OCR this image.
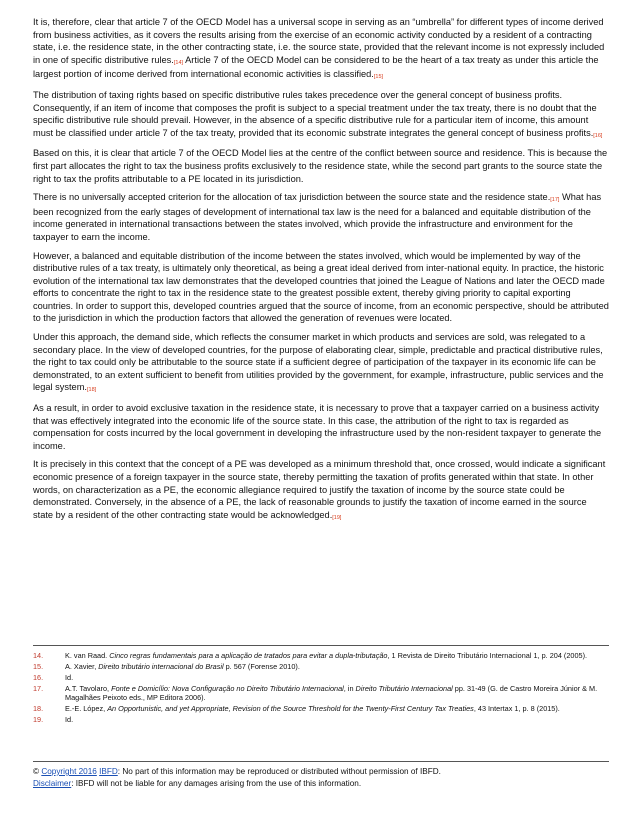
It is, therefore, clear that article 7 of the OECD Model has a universal scope in serving as an “umbrella” for different types of income derived from business activities, as it covers the results arising from the exercise of an economic activity conducted by a resident of a contracting state, i.e. the residence state, in the other contracting state, i.e. the source state, provided that the relevant income is not expressly included in one of specific distributive rules.[14] Article 7 of the OECD Model can be considered to be the heart of a tax treaty as under this article the largest portion of income derived from international economic activities is classified.[15]

The distribution of taxing rights based on specific distributive rules takes precedence over the general concept of business profits. Consequently, if an item of income that composes the profit is subject to a special treatment under the tax treaty, there is no doubt that the specific distributive rule should prevail. However, in the absence of a specific distributive rule for a particular item of income, this amount must be classified under article 7 of the tax treaty, provided that its economic substrate integrates the general concept of business profits.[16]

Based on this, it is clear that article 7 of the OECD Model lies at the centre of the conflict between source and residence. This is because the first part allocates the right to tax the business profits exclusively to the residence state, while the second part grants to the source state the right to tax the profits attributable to a PE located in its jurisdiction.

There is no universally accepted criterion for the allocation of tax jurisdiction between the source state and the residence state.[17] What has been recognized from the early stages of development of international tax law is the need for a balanced and equitable distribution of the income generated in international transactions between the states involved, which provide the infrastructure and environment for the taxpayer to earn the income.

However, a balanced and equitable distribution of the income between the states involved, which would be implemented by way of the distributive rules of a tax treaty, is ultimately only theoretical, as being a great ideal derived from inter-national equity. In practice, the historic evolution of the international tax law demonstrates that the developed countries that joined the League of Nations and later the OECD made efforts to concentrate the right to tax in the residence state to the greatest possible extent, thereby giving priority to capital exporting countries. In order to support this, developed countries argued that the source of income, from an economic perspective, should be attributed to the jurisdiction in which the production factors that allowed the generation of revenues were located.

Under this approach, the demand side, which reflects the consumer market in which products and services are sold, was relegated to a secondary place. In the view of developed countries, for the purpose of elaborating clear, simple, predictable and practical distributive rules, the right to tax could only be attributable to the source state if a sufficient degree of participation of the taxpayer in its economic life can be demonstrated, to an extent sufficient to benefit from utilities provided by the government, for example, infrastructure, public services and the legal system.[18]

As a result, in order to avoid exclusive taxation in the residence state, it is necessary to prove that a taxpayer carried on a business activity that was effectively integrated into the economic life of the source state. In this case, the attribution of the right to tax is regarded as compensation for costs incurred by the local government in developing the infrastructure used by the non-resident taxpayer to generate the income.

It is precisely in this context that the concept of a PE was developed as a minimum threshold that, once crossed, would indicate a significant economic presence of a foreign taxpayer in the source state, thereby permitting the taxation of profits generated within that state. In other words, on characterization as a PE, the economic allegiance required to justify the taxation of income by the source state could be demonstrated. Conversely, in the absence of a PE, the lack of reasonable grounds to justify the taxation of income earned in the source state by a resident of the other contracting state would be acknowledged.[19]

14.	K. van Raad. Cinco regras fundamentais para a aplicação de tratados para evitar a dupla-tributação, 1 Revista de Direito Tributário Internacional 1, p. 204 (2005).
15.	A. Xavier, Direito tributário internacional do Brasil p. 567 (Forense 2010).
16.	Id.
17.	A.T. Tavolaro, Fonte e Domicílio: Nova Configuração no Direito Tributário Internacional, in Direito Tributário Internacional pp. 31-49 (G. de Castro Moreira Júnior & M. Magalhães Peixoto eds., MP Editora 2006).
18.	E.-E. López, An Opportunistic, and yet Appropriate, Revision of the Source Threshold for the Twenty-First Century Tax Treaties, 43 Intertax 1, p. 8 (2015).
19.	Id.
© Copyright 2016 IBFD: No part of this information may be reproduced or distributed without permission of IBFD.
Disclaimer: IBFD will not be liable for any damages arising from the use of this information.
